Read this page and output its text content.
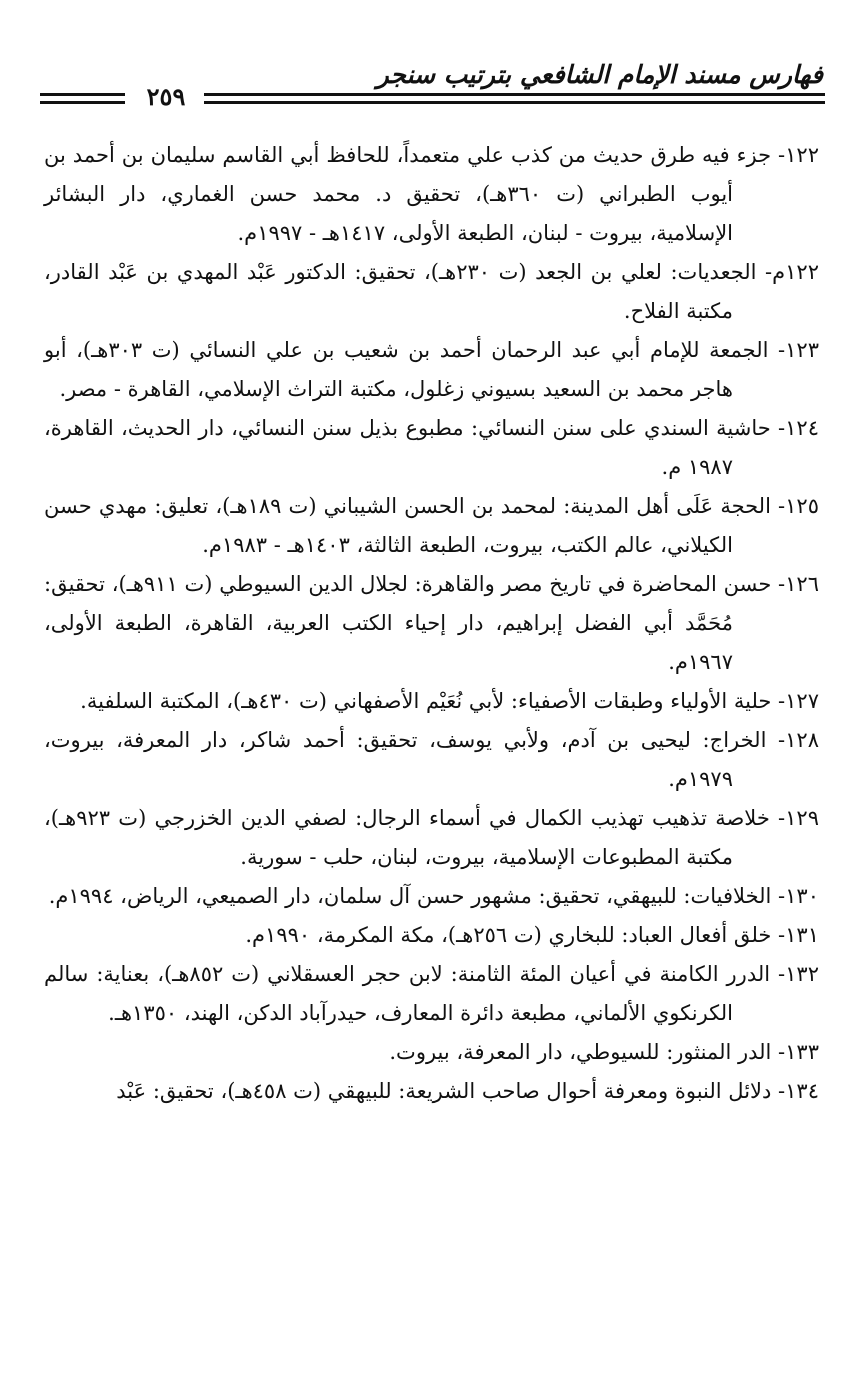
فهارس مسند الإمام الشافعي بترتيب سنجر
٢٥٩
١٢٢- جزء فيه طرق حديث من كذب علي متعمداً، للحافظ أبي القاسم سليمان بن أحمد بن أيوب الطبراني (ت ٣٦٠هـ)، تحقيق د. محمد حسن الغماري، دار البشائر الإسلامية، بيروت - لبنان، الطبعة الأولى، ١٤١٧هـ - ١٩٩٧م.
١٢٢م- الجعديات: لعلي بن الجعد (ت ٢٣٠هـ)، تحقيق: الدكتور عَبْد المهدي بن عَبْد القادر، مكتبة الفلاح.
١٢٣- الجمعة للإمام أبي عبد الرحمان أحمد بن شعيب بن علي النسائي (ت ٣٠٣هـ)، أبو هاجر محمد بن السعيد بسيوني زغلول، مكتبة التراث الإسلامي، القاهرة - مصر.
١٢٤- حاشية السندي على سنن النسائي: مطبوع بذيل سنن النسائي، دار الحديث، القاهرة، ١٩٨٧ م.
١٢٥- الحجة عَلَى أهل المدينة: لمحمد بن الحسن الشيباني (ت ١٨٩هـ)، تعليق: مهدي حسن الكيلاني، عالم الكتب، بيروت، الطبعة الثالثة، ١٤٠٣هـ - ١٩٨٣م.
١٢٦- حسن المحاضرة في تاريخ مصر والقاهرة: لجلال الدين السيوطي (ت ٩١١هـ)، تحقيق: مُحَمَّد أبي الفضل إبراهيم، دار إحياء الكتب العربية، القاهرة، الطبعة الأولى، ١٩٦٧م.
١٢٧- حلية الأولياء وطبقات الأصفياء: لأبي نُعَيْم الأصفهاني (ت ٤٣٠هـ)، المكتبة السلفية.
١٢٨- الخراج: ليحيى بن آدم، ولأبي يوسف، تحقيق: أحمد شاكر، دار المعرفة، بيروت، ١٩٧٩م.
١٢٩- خلاصة تذهيب تهذيب الكمال في أسماء الرجال: لصفي الدين الخزرجي (ت ٩٢٣هـ)، مكتبة المطبوعات الإسلامية، بيروت، لبنان، حلب - سورية.
١٣٠- الخلافيات: للبيهقي، تحقيق: مشهور حسن آل سلمان، دار الصميعي، الرياض، ١٩٩٤م.
١٣١- خلق أفعال العباد: للبخاري (ت ٢٥٦هـ)، مكة المكرمة، ١٩٩٠م.
١٣٢- الدرر الكامنة في أعيان المئة الثامنة: لابن حجر العسقلاني (ت ٨٥٢هـ)، بعناية: سالم الكرنكوي الألماني، مطبعة دائرة المعارف، حيدرآباد الدكن، الهند، ١٣٥٠هـ.
١٣٣- الدر المنثور: للسيوطي، دار المعرفة، بيروت.
١٣٤- دلائل النبوة ومعرفة أحوال صاحب الشريعة: للبيهقي (ت ٤٥٨هـ)، تحقيق: عَبْد
